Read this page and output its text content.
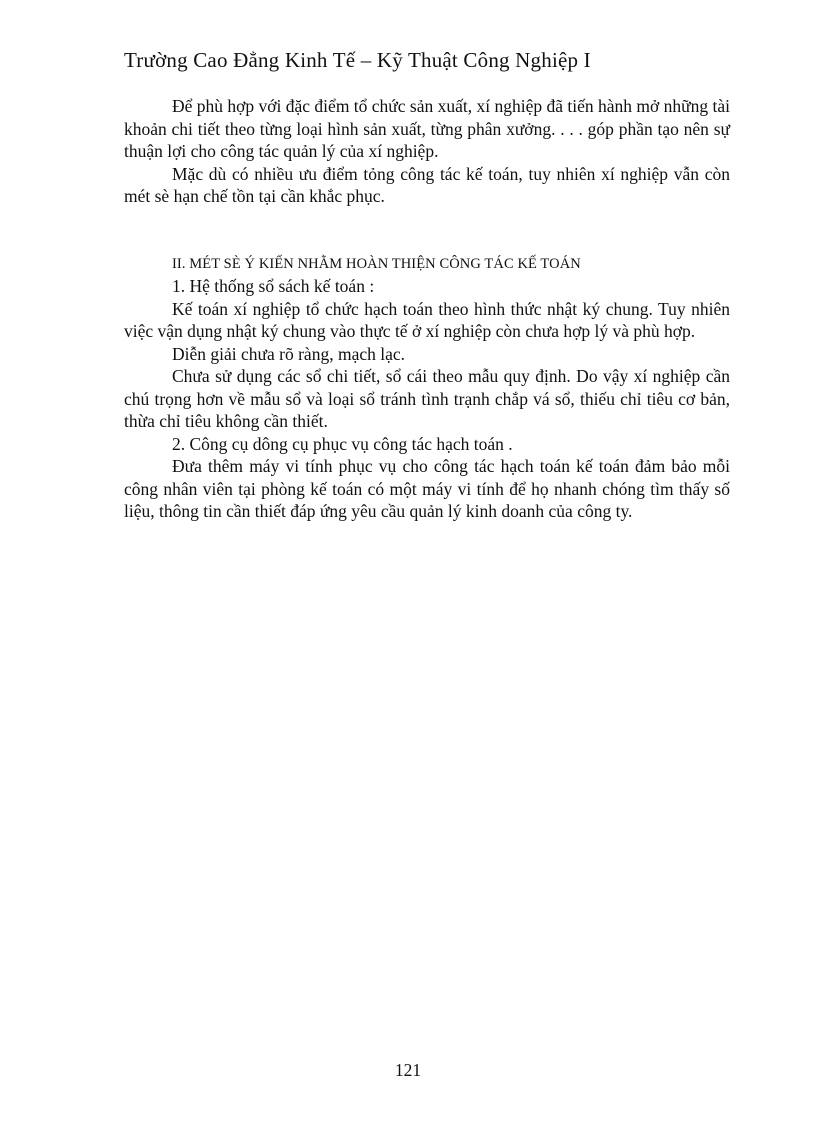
Trường Cao Đẳng Kinh Tế – Kỹ Thuật Công Nghiệp I

Để phù hợp với đặc điểm tổ chức sản xuất, xí nghiệp đã tiến hành mở những tài khoản chi tiết theo từng loại hình sản xuất, từng phân xưởng. . . . góp phần tạo nên sự thuận lợi cho công tác quản lý của xí nghiệp.

Mặc dù có nhiều ưu điểm tỏng công tác kế toán, tuy nhiên xí nghiệp vẫn còn mét sè hạn chế tồn tại cần khắc phục.

II. MÉT SÈ Ý KIẾN NHẰM HOÀN THIỆN CÔNG TÁC KẾ TOÁN

1. Hệ thống sổ sách kế toán :

Kế toán xí nghiệp tổ chức hạch toán theo hình thức nhật ký chung. Tuy nhiên việc vận dụng nhật ký chung vào thực tế ở xí nghiệp còn chưa hợp lý và phù hợp.

Diễn giải chưa rõ ràng, mạch lạc.

Chưa sử dụng các sổ chi tiết, sổ cái theo mẫu quy định. Do vậy xí nghiệp cần chú trọng hơn về mẫu sổ và loại sổ tránh tình trạnh chắp vá sổ, thiếu chỉ tiêu cơ bản, thừa chỉ tiêu không cần thiết.

2. Công cụ dông cụ phục vụ công tác hạch toán .

Đưa thêm máy vi tính phục vụ cho công tác hạch toán kế toán đảm bảo mỗi công nhân viên tại phòng kế toán có một máy vi tính để họ nhanh chóng tìm thấy số liệu, thông tin cần thiết đáp ứng yêu cầu quản lý kinh doanh của công ty.

121
